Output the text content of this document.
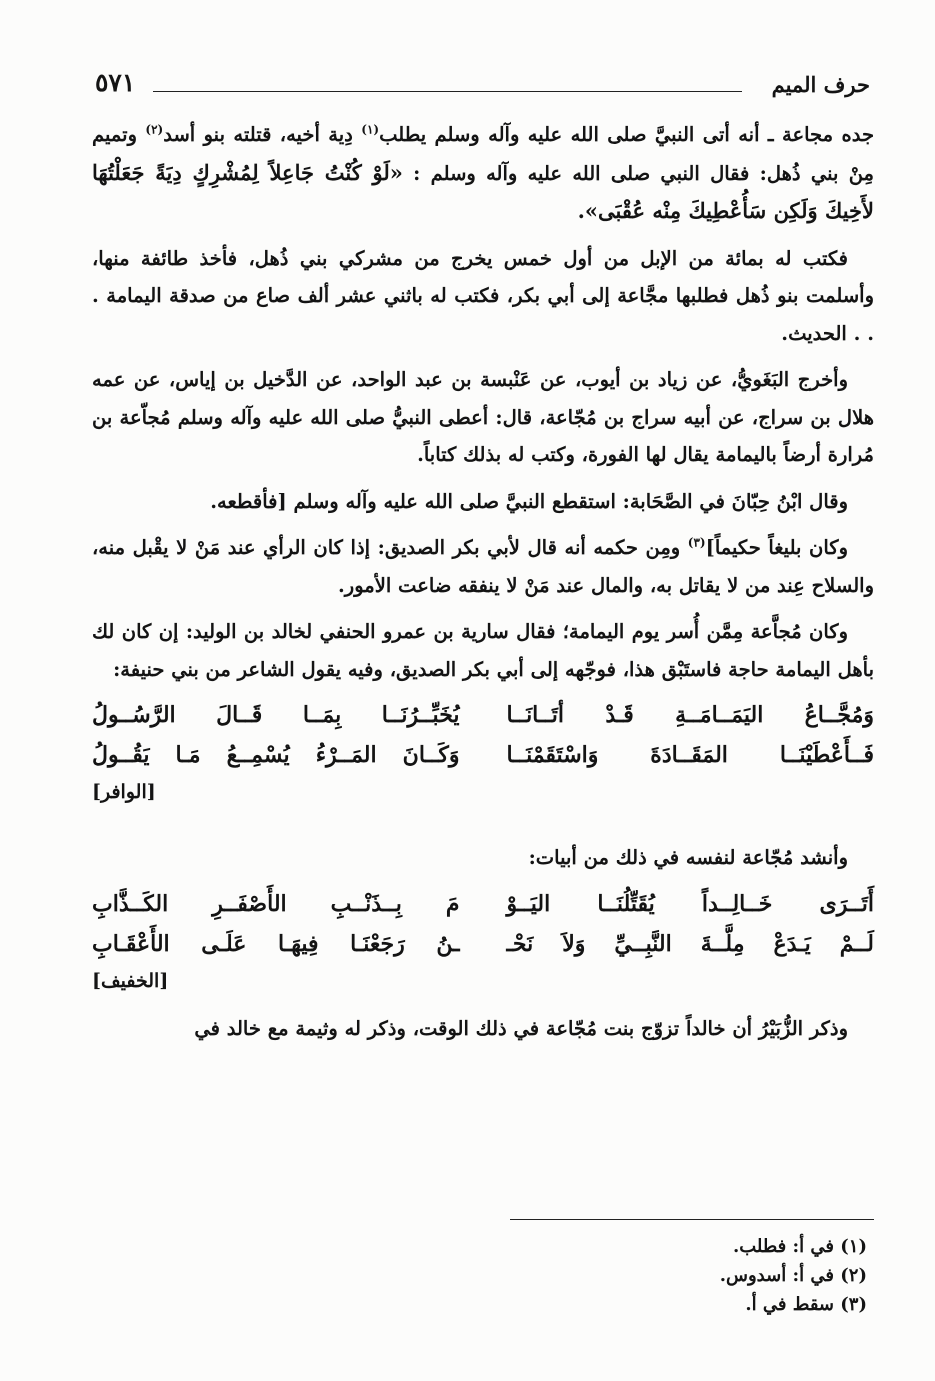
حرف الميم
٥٧١

جده مجاعة ـ أنه أتى النبيَّ صلى الله عليه وآله وسلم يطلب$^{(١)}$ دِية أخيه، قتلته بنو أسد$^{(٢)}$ وتميم مِنْ بني ذُهل: فقال النبي صلى الله عليه وآله وسلم : «لَوْ كُنْتُ جَاعِلاً لِمُشْرِكٍ دِيَةً جَعَلْتُهَا لأَخِيكَ وَلَكِن سَأُعْطِيكَ مِنْه عُقْبَى».

فكتب له بمائة من الإبل من أول خمس يخرج من مشركي بني ذُهل، فأخذ طائفة منها، وأسلمت بنو ذُهل فطلبها مجَّاعة إلى أبي بكر، فكتب له باثني عشر ألف صاع من صدقة اليمامة . . . الحديث.

وأخرج البَغَويُّ، عن زياد بن أيوب، عن عَنْبسة بن عبد الواحد، عن الدَّخيل بن إياس، عن عمه هلال بن سراج، عن أبيه سراج بن مُجّاعة، قال: أعطى النبيُّ صلى الله عليه وآله وسلم مُجاّعة بن مُرارة أرضاً باليمامة يقال لها الفورة، وكتب له بذلك كتاباً.

وقال ابْنُ حِبّانَ في الصَّحَابة: استقطع النبيَّ صلى الله عليه وآله وسلم [فأقطعه.

وكان بليغاً حكيماً]$^{(٣)}$ ومِن حكمه أنه قال لأبي بكر الصديق: إذا كان الرأي عند مَنْ لا يقْبل منه، والسلاح عِند من لا يقاتل به، والمال عند مَنْ لا ينفقه ضاعت الأمور.

وكان مُجاَّعة مِمَّن أُسر يوم اليمامة؛ فقال سارية بن عمرو الحنفي لخالد بن الوليد: إن كان لك بأهل اليمامة حاجة فاستَبْق هذا، فوجّهه إلى أبي بكر الصديق، وفيه يقول الشاعر من بني حنيفة:

وَمُجَّــاعُ اليَمَــامَــةِ قَـدْ أتَــانَــا
يُخَبِّــرُنَــا بِمَــا قَــالَ الرَّسُــولُ
فَــأَعْطَيْنَــا المَقَــادَةَ وَاسْتَقَمْنَــا
وَكَــانَ المَــرْءُ يُسْمِــعُ مَـا يَقُــولُ
[الوافر]

وأنشد مُجّاعة لنفسه في ذلك من أبيات:

أَتَــرَى خَــالِــداً يُقَتِّلُنَــا اليَــوْ
مَ بِــذَنْــبِ الأَصْفَــرِ الكَــذَّابِ
لَــمْ يَـدَعْ مِلَّــةَ النَّبِــيِّ وَلاَ نَحْـ
ـنُ رَجَعْنَـا فِيهَـا عَلَـى الأَعْقَـابِ
[الخفيف]

وذكر الزُّبَيْرُ أن خالداً تزوّج بنت مُجّاعة في ذلك الوقت، وذكر له وثيمة مع خالد في

(١) في أ: فطلب.
(٢) في أ: أسدوس.
(٣) سقط في أ.
